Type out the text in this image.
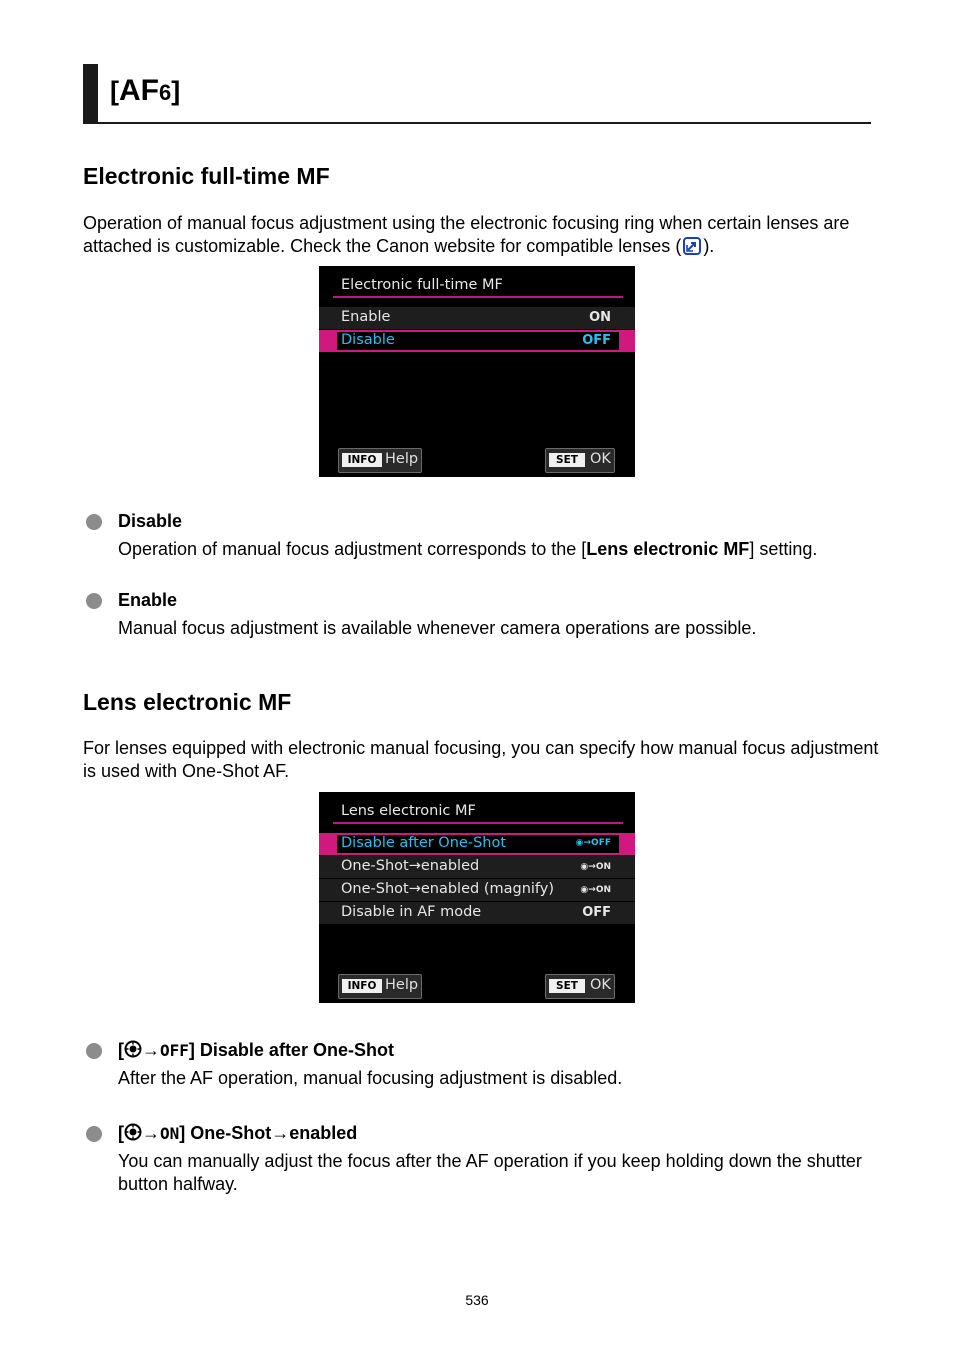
[AF6]
Electronic full-time MF

Operation of manual focus adjustment using the electronic focusing ring when certain lenses are attached is customizable. Check the Canon website for compatible lenses ( ).

Electronic full-time MF
Enable	ON
Disable	OFF
INFO Help	SET OK
Disable

Operation of manual focus adjustment corresponds to the [Lens electronic MF] setting.

Enable

Manual focus adjustment is available whenever camera operations are possible.

Lens electronic MF

For lenses equipped with electronic manual focusing, you can specify how manual focus adjustment is used with One-Shot AF.

Lens electronic MF
Disable after One-Shot	◉→OFF
One-Shot→enabled	◉→ON
One-Shot→enabled (magnify)	◉→ON
Disable in AF mode	OFF
INFO Help	SET OK
[ →OFF] Disable after One-Shot

After the AF operation, manual focusing adjustment is disabled.

[ →ON] One-Shot→enabled

You can manually adjust the focus after the AF operation if you keep holding down the shutter button halfway.

536
